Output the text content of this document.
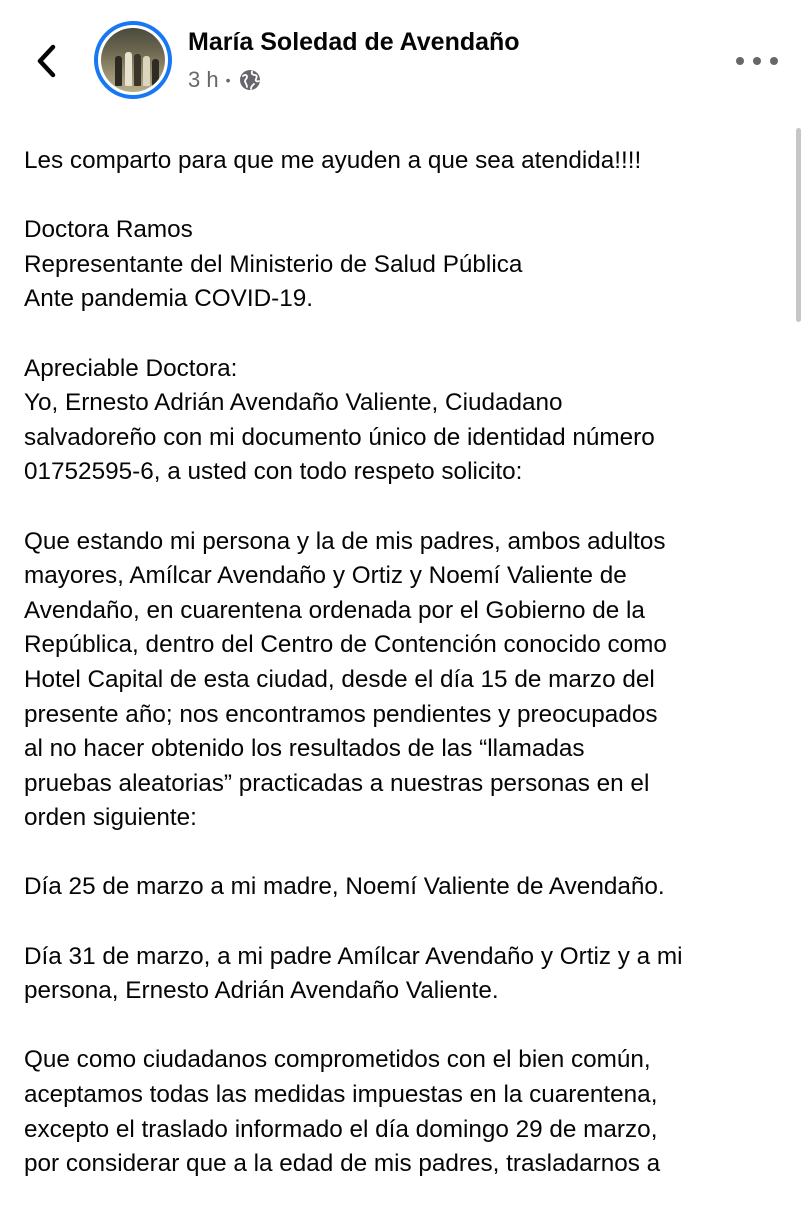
María Soledad de Avendaño
3 h •
Les comparto para que me ayuden a que sea atendida!!!!
Doctora Ramos
Representante del Ministerio de Salud Pública
Ante pandemia COVID-19.
Apreciable Doctora:
Yo, Ernesto Adrián Avendaño Valiente, Ciudadano
salvadoreño con mi documento único de identidad número
01752595-6, a usted con todo respeto solicito:
Que estando mi persona y la de mis padres, ambos adultos
mayores, Amílcar Avendaño y Ortiz y Noemí Valiente de
Avendaño, en cuarentena ordenada por el Gobierno de la
República, dentro del Centro de Contención conocido como
Hotel Capital de esta ciudad, desde el día 15 de marzo del
presente año; nos encontramos pendientes y preocupados
al no hacer obtenido los resultados de las “llamadas
pruebas aleatorias” practicadas a nuestras personas en el
orden siguiente:
Día 25 de marzo a mi madre, Noemí Valiente de Avendaño.
Día 31 de marzo, a mi padre Amílcar Avendaño y Ortiz y a mi
persona, Ernesto Adrián Avendaño Valiente.
Que como ciudadanos comprometidos con el bien común,
aceptamos todas las medidas impuestas en la cuarentena,
excepto el traslado informado el día domingo 29 de marzo,
por considerar que a la edad de mis padres, trasladarnos a
